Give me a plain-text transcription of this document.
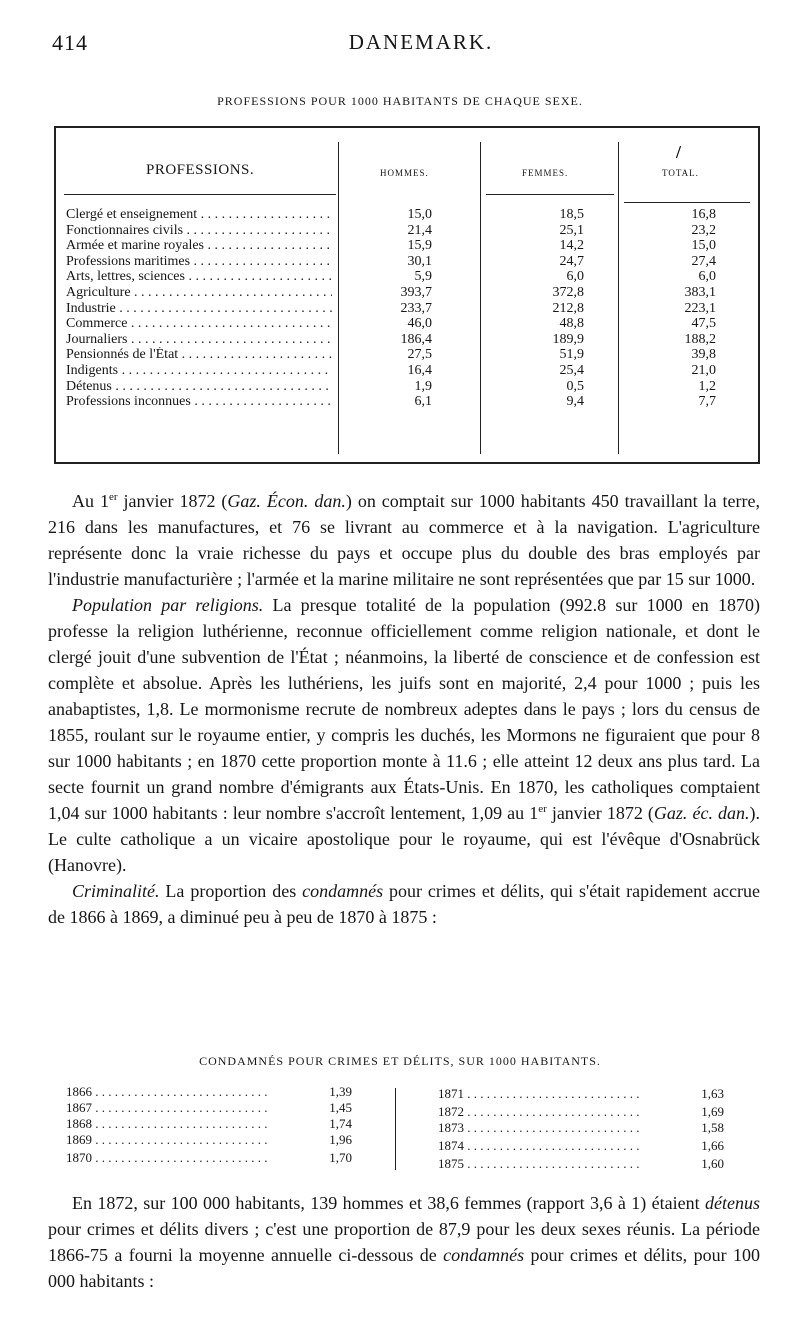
414	DANEMARK.
PROFESSIONS POUR 1000 HABITANTS DE CHAQUE SEXE.
PROFESSIONS.	HOMMES.	FEMMES.	TOTAL.
/
Clergé et enseignement . . .	15,0	18,5	16,8
Fonctionnaires civils . . .	21,4	25,1	23,2
Armée et marine royales . . .	15,9	14,2	15,0
Professions maritimes . . .	30,1	24,7	27,4
Arts, lettres, sciences . . .	5,9	6,0	6,0
Agriculture . . .	393,7	372,8	383,1
Industrie . . .	233,7	212,8	223,1
Commerce . . .	46,0	48,8	47,5
Journaliers . . .	186,4	189,9	188,2
Pensionnés de l'État . . .	27,5	51,9	39,8
Indigents . . .	16,4	25,4	21,0
Détenus . . .	1,9	0,5	1,2
Professions inconnues . . .	6,1	9,4	7,7

Au 1er janvier 1872 (Gaz. Écon. dan.) on comptait sur 1000 habitants 450 travaillant la terre, 216 dans les manufactures, et 76 se livrant au commerce et à la navigation. L'agriculture représente donc la vraie richesse du pays et occupe plus du double des bras employés par l'industrie manufacturière ; l'armée et la marine militaire ne sont représentées que par 15 sur 1000.

Population par religions. La presque totalité de la population (992.8 sur 1000 en 1870) professe la religion luthérienne, reconnue officiellement comme religion nationale, et dont le clergé jouit d'une subvention de l'État ; néanmoins, la liberté de conscience et de confession est complète et absolue. Après les luthériens, les juifs sont en majorité, 2,4 pour 1000 ; puis les anabaptistes, 1,8. Le mormonisme recrute de nombreux adeptes dans le pays ; lors du census de 1855, roulant sur le royaume entier, y compris les duchés, les Mormons ne figuraient que pour 8 sur 1000 habitants ; en 1870 cette proportion monte à 11.6 ; elle atteint 12 deux ans plus tard. La secte fournit un grand nombre d'émigrants aux États-Unis. En 1870, les catholiques comptaient 1,04 sur 1000 habitants : leur nombre s'accroît lentement, 1,09 au 1er janvier 1872 (Gaz. éc. dan.). Le culte catholique a un vicaire apostolique pour le royaume, qui est l'évêque d'Osnabrück (Hanovre).

Criminalité. La proportion des condamnés pour crimes et délits, qui s'était rapidement accrue de 1866 à 1869, a diminué peu à peu de 1870 à 1875 :

CONDAMNÉS POUR CRIMES ET DÉLITS, SUR 1000 HABITANTS.
1866 . . .	1,39
1867 . . .	1,45
1868 . . .	1,74
1869 . . .	1,96
1870 . . .	1,70
1871 . . .	1,63
1872 . . .	1,69
1873 . . .	1,58
1874 . . .	1,66
1875 . . .	1,60

En 1872, sur 100 000 habitants, 139 hommes et 38,6 femmes (rapport 3,6 à 1) étaient détenus pour crimes et délits divers ; c'est une proportion de 87,9 pour les deux sexes réunis. La période 1866-75 a fourni la moyenne annuelle ci-dessous de condamnés pour crimes et délits, pour 100 000 habitants :
